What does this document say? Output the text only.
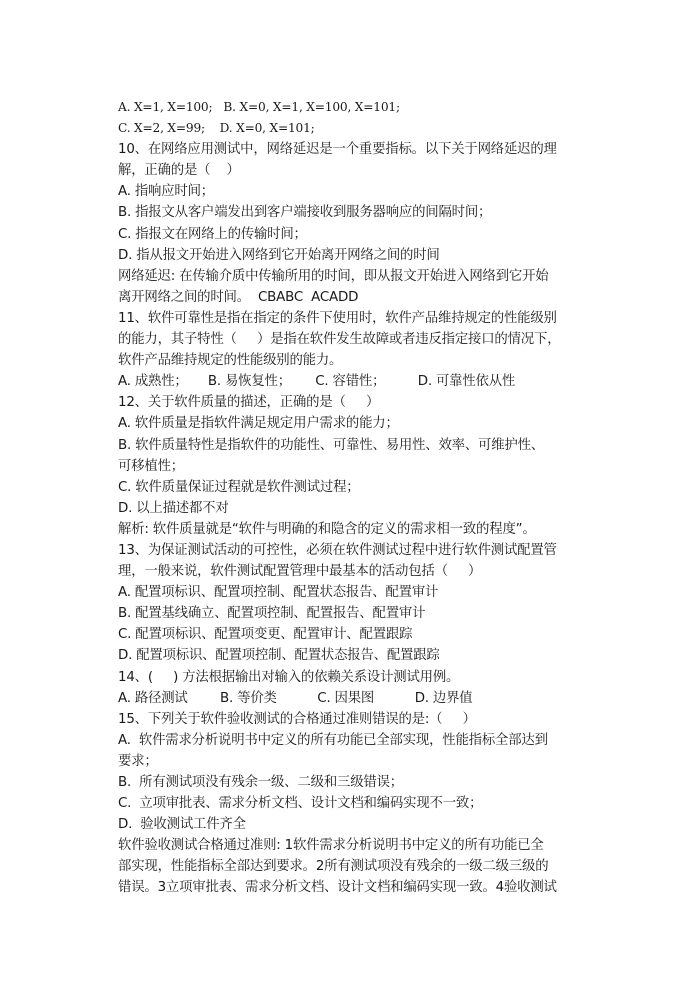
A. X=1, X=100;   B. X=0, X=1, X=100, X=101;
C. X=2, X=99;    D. X=0, X=101;
10、在网络应用测试中，网络延迟是一个重要指标。以下关于网络延迟的理
解，正确的是（    ）
A. 指响应时间；
B. 指报文从客户端发出到客户端接收到服务器响应的间隔时间；
C. 指报文在网络上的传输时间；
D. 指从报文开始进入网络到它开始离开网络之间的时间
网络延迟: 在传输介质中传输所用的时间，即从报文开始进入网络到它开始
离开网络之间的时间。  CBABC  ACADD
11、软件可靠性是指在指定的条件下使用时，软件产品维持规定的性能级别
的能力，其子特性（     ）是指在软件发生故障或者违反指定接口的情况下，
软件产品维持规定的性能级别的能力。
A. 成熟性；     B. 易恢复性；      C. 容错性；        D. 可靠性依从性
12、关于软件质量的描述，正确的是（     ）
A. 软件质量是指软件满足规定用户需求的能力；
B. 软件质量特性是指软件的功能性、可靠性、易用性、效率、可维护性、
可移植性；
C. 软件质量保证过程就是软件测试过程；
D. 以上描述都不对
解析: 软件质量就是“软件与明确的和隐含的定义的需求相一致的程度”。
13、为保证测试活动的可控性，必须在软件测试过程中进行软件测试配置管
理，一般来说，软件测试配置管理中最基本的活动包括（     ）
A. 配置项标识、配置项控制、配置状态报告、配置审计
B. 配置基线确立、配置项控制、配置报告、配置审计
C. 配置项标识、配置项变更、配置审计、配置跟踪
D. 配置项标识、配置项控制、配置状态报告、配置跟踪
14、(     ) 方法根据输出对输入的依赖关系设计测试用例。
A. 路径测试        B. 等价类          C. 因果图          D. 边界值
15、下列关于软件验收测试的合格通过准则错误的是:（     ）
A.  软件需求分析说明书中定义的所有功能已全部实现，性能指标全部达到
要求；
B.  所有测试项没有残余一级、二级和三级错误；
C.  立项审批表、需求分析文档、设计文档和编码实现不一致；
D.  验收测试工件齐全
软件验收测试合格通过准则: 1软件需求分析说明书中定义的所有功能已全
部实现，性能指标全部达到要求。2所有测试项没有残余的一级二级三级的
错误。3立项审批表、需求分析文档、设计文档和编码实现一致。4验收测试
